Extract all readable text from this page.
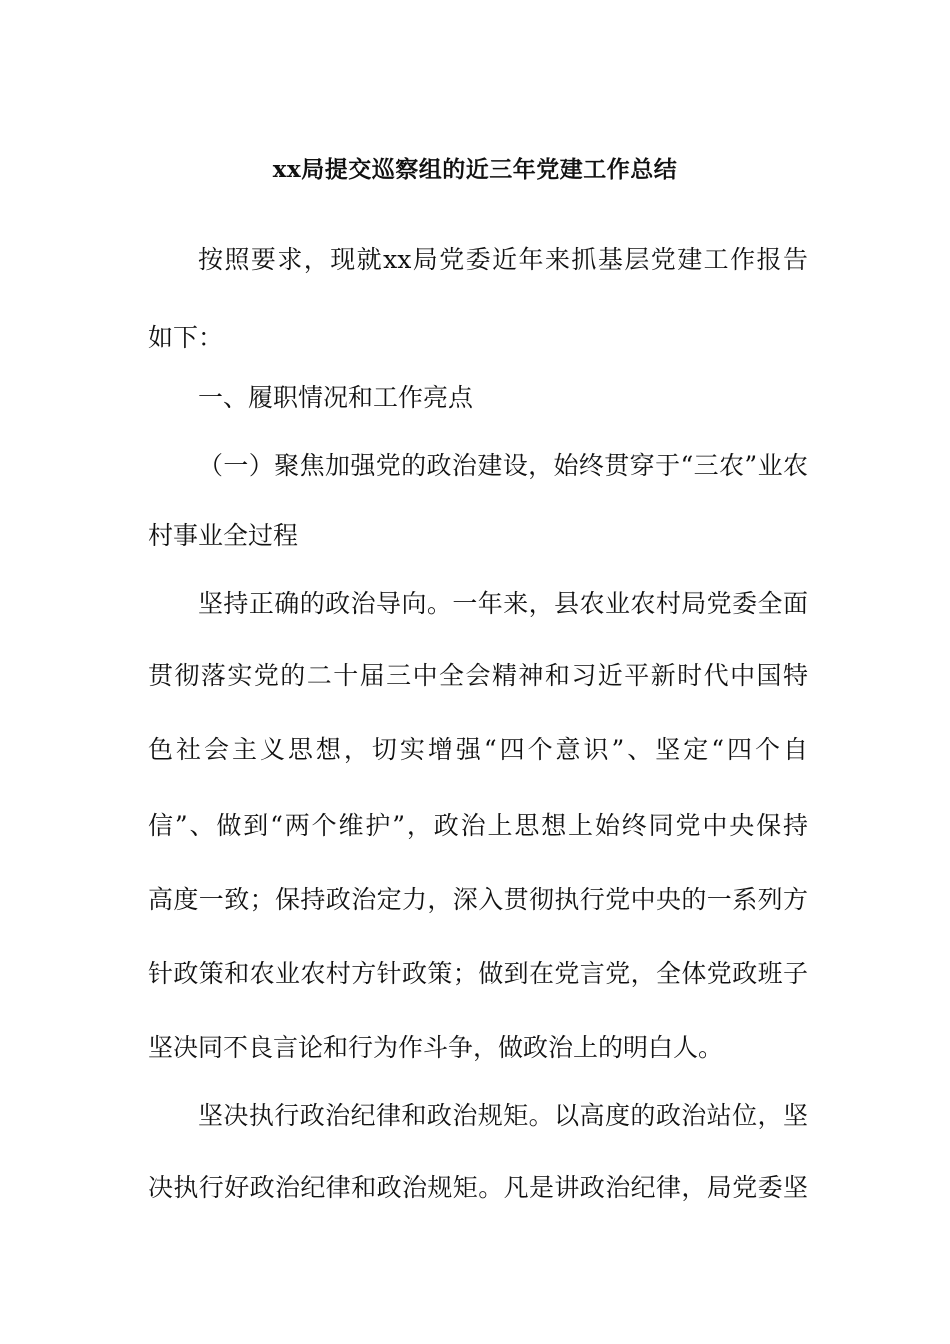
xx局提交巡察组的近三年党建工作总结
按照要求，现就xx局党委近年来抓基层党建工作报告
如下：
一、履职情况和工作亮点
（一）聚焦加强党的政治建设，始终贯穿于“三农”业农
村事业全过程
坚持正确的政治导向。一年来，县农业农村局党委全面
贯彻落实党的二十届三中全会精神和习近平新时代中国特
色社会主义思想，切实增强“四个意识”、坚定“四个自
信”、做到“两个维护”，政治上思想上始终同党中央保持
高度一致；保持政治定力，深入贯彻执行党中央的一系列方
针政策和农业农村方针政策；做到在党言党，全体党政班子
坚决同不良言论和行为作斗争，做政治上的明白人。
坚决执行政治纪律和政治规矩。以高度的政治站位，坚
决执行好政治纪律和政治规矩。凡是讲政治纪律，局党委坚
